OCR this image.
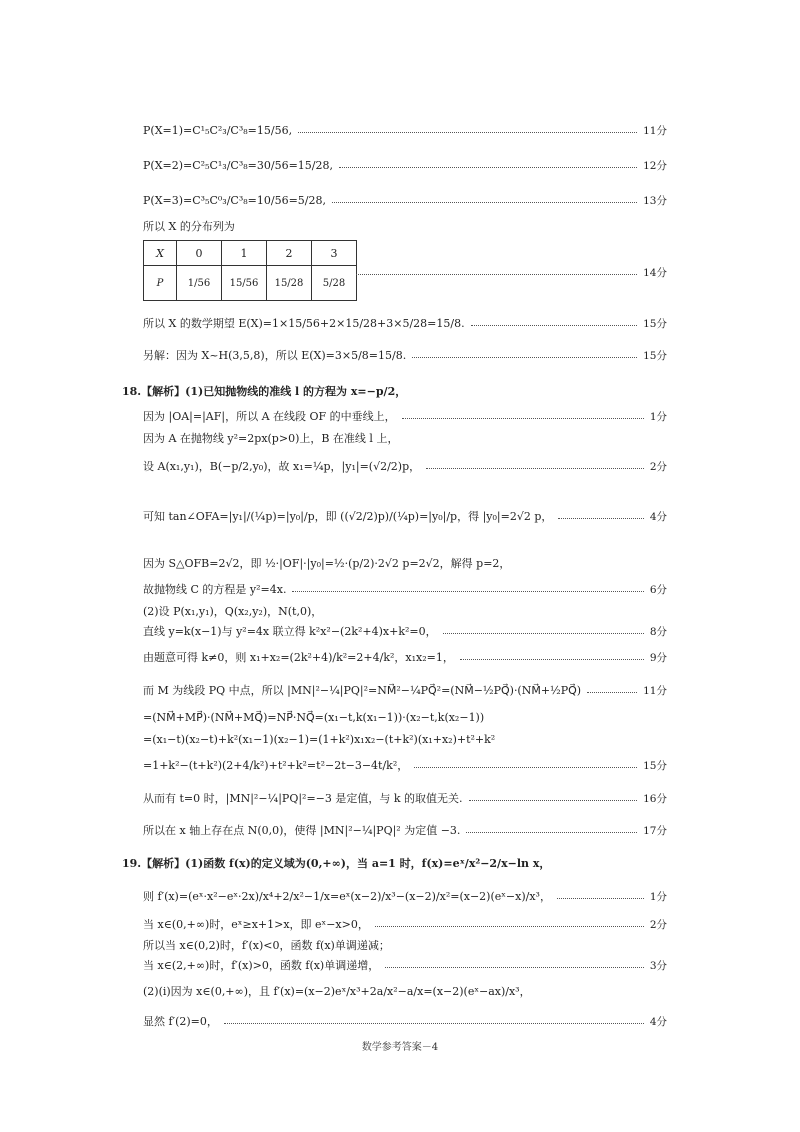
P(X=1)=C¹₅C²₃/C³₈=15/56,	11分
P(X=2)=C²₅C¹₃/C³₈=30/56=15/28,	12分
P(X=3)=C³₅C⁰₃/C³₈=10/56=5/28,	13分
所以 X 的分布列为
X	0	1	2	3
P	1/56	15/56	15/28	5/28
14分
所以 X 的数学期望 E(X)=1×15/56+2×15/28+3×5/28=15/8.	15分
另解：因为 X~H(3,5,8)，所以 E(X)=3×5/8=15/8.	15分
18.【解析】(1)已知抛物线的准线 l 的方程为 x=−p/2，
因为 |OA|=|AF|，所以 A 在线段 OF 的中垂线上，	1分
因为 A 在抛物线 y²=2px(p>0)上，B 在准线 l 上，
设 A(x₁,y₁)，B(−p/2,y₀)，故 x₁=¼p，|y₁|=(√2/2)p，	2分
可知 tan∠OFA=|y₁|/(¼p)=|y₀|/p，即 ((√2/2)p)/(¼p)=|y₀|/p，得 |y₀|=2√2 p，	4分
因为 S△OFB=2√2，即 ½·|OF|·|y₀|=½·(p/2)·2√2 p=2√2，解得 p=2，
故抛物线 C 的方程是 y²=4x.	6分
(2)设 P(x₁,y₁)，Q(x₂,y₂)，N(t,0)，
直线 y=k(x−1)与 y²=4x 联立得 k²x²−(2k²+4)x+k²=0，	8分
由题意可得 k≠0，则 x₁+x₂=(2k²+4)/k²=2+4/k²，x₁x₂=1，	9分
而 M 为线段 PQ 中点，所以 |MN|²−¼|PQ|²=NM⃗²−¼PQ⃗²=(NM⃗−½PQ⃗)·(NM⃗+½PQ⃗)	11分
=(NM⃗+MP⃗)·(NM⃗+MQ⃗)=NP⃗·NQ⃗=(x₁−t,k(x₁−1))·(x₂−t,k(x₂−1))
=(x₁−t)(x₂−t)+k²(x₁−1)(x₂−1)=(1+k²)x₁x₂−(t+k²)(x₁+x₂)+t²+k²
=1+k²−(t+k²)(2+4/k²)+t²+k²=t²−2t−3−4t/k²，	15分
从而有 t=0 时，|MN|²−¼|PQ|²=−3 是定值，与 k 的取值无关.	16分
所以在 x 轴上存在点 N(0,0)，使得 |MN|²−¼|PQ|² 为定值 −3.	17分
19.【解析】(1)函数 f(x)的定义域为(0,+∞)，当 a=1 时，f(x)=eˣ/x²−2/x−ln x，
则 f′(x)=(eˣ·x²−eˣ·2x)/x⁴+2/x²−1/x=eˣ(x−2)/x³−(x−2)/x²=(x−2)(eˣ−x)/x³，	1分
当 x∈(0,+∞)时，eˣ≥x+1>x，即 eˣ−x>0，	2分
所以当 x∈(0,2)时，f′(x)<0，函数 f(x)单调递减；
当 x∈(2,+∞)时，f′(x)>0，函数 f(x)单调递增，	3分
(2)(i)因为 x∈(0,+∞)，且 f′(x)=(x−2)eˣ/x³+2a/x²−a/x=(x−2)(eˣ−ax)/x³，
显然 f′(2)=0，	4分
数学参考答案－4
